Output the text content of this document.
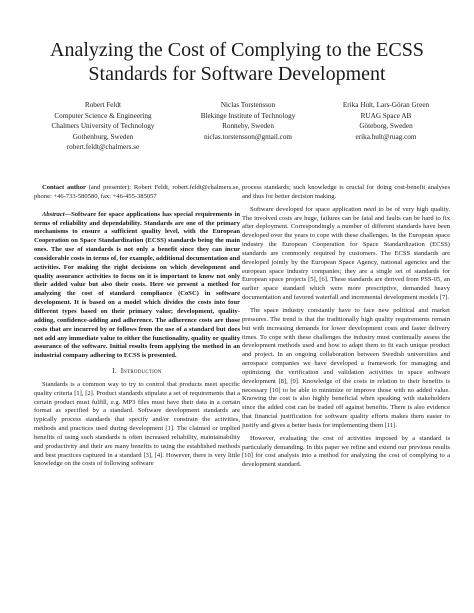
Analyzing the Cost of Complying to the ECSS
Standards for Software Development
Robert Feldt
Computer Science & Engineering
Chalmers University of Technology
Gothenburg, Sweden
robert.feldt@chalmers.se
Niclas Torstensson
Blekinge Institute of Technology
Ronneby, Sweden
niclas.torstensson@gmail.com
Erika Hult, Lars-Göran Green
RUAG Space AB
Göteborg, Sweden
erika.hult@ruag.com

Contact author (and presenter): Robert Feldt, robert.feldt@chalmers.se, phone: +46-733-580580, fax: +46-455-385057

Abstract—Software for space applications has special requirements in terms of reliability and dependability. Standards are one of the primary mechanisms to ensure a sufficient quality level, with the European Cooperation on Space Standardization (ECSS) standards being the main ones. The use of standards is not only a benefit since they can incur considerable costs in terms of, for example, additional documentation and activities. For making the right decisions on which development and quality assurance activities to focus on it is important to know not only their added value but also their costs. Here we present a method for analyzing the cost of standard compliance (CoSC) in software development. It is based on a model which divides the costs into four different types based on their primary value; development, quality-adding, confidence-adding and adherence. The adherence costs are those costs that are incurred by or follows from the use of a standard but does not add any immediate value to either the functionality, quality or quality assurance of the software. Initial results from applying the method in an industrial company adhering to ECSS is presented.

I. Introduction

Standards is a common way to try to control that products meet specific quality criteria [1], [2]. Product standards stipulate a set of requirements that a certain product must fulfill, e.g. MP3 files must have their data in a certain format as specified by a standard. Software development standards are typically process standards that specify and/or constrain the activities, methods and practices used during development [1]. The claimed or implied benefits of using such standards is often increased reliability, maintainability and productivity and their are many benefits to using the established methods and best practices captured in a standard [3], [4]. However, there is very little knowledge on the costs of following software

process standards; such knowledge is crucial for doing cost-benefit analyses and thus for better decision making.

Software developed for space application need to be of very high quality. The involved costs are huge, failures can be fatal and faults can be hard to fix after deployment. Correspondingly a number of different standards have been developed over the years to cope with these challenges. In the European space industry the European Cooperation for Space Standardization (ECSS) standards are commonly required by customers. The ECSS standards are developed jointly by the European Space Agency, national agencies and the european space industry companies; they are a single set of standards for European space projects [5], [6]. These standards are derived from PSS-05, an earlier space standard which were more prescriptive, demanded heavy documentation and favored waterfall and incremental development models [7].

The space industry constantly have to face new political and market pressures. The trend is that the traditionally high quality requirements remain but with increasing demands for lower development costs and faster delivery times. To cope with these challenges the industry must continually assess the development methods used and how to adapt them to fit each unique product and project. In an ongoing collaboration between Swedish universities and aerospace companies we have developed a framework for managing and optimizing the verification and validation activities in space software development [8], [9]. Knowledge of the costs in relation to their benefits is necessary [10] to be able to minimize or improve those with no added value. Knowing the cost is also highly beneficial when speaking with stakeholders since the added cost can be traded off against benefits. There is also evidence that financial justification for software quality efforts makes them easier to justify and gives a better basis for implementing them [11].

However, evaluating the cost of activities imposed by a standard is particularly demanding. In this paper we refine and extend our previous results [10] for cost analysis into a method for analyzing the cost of complying to a development standard.
